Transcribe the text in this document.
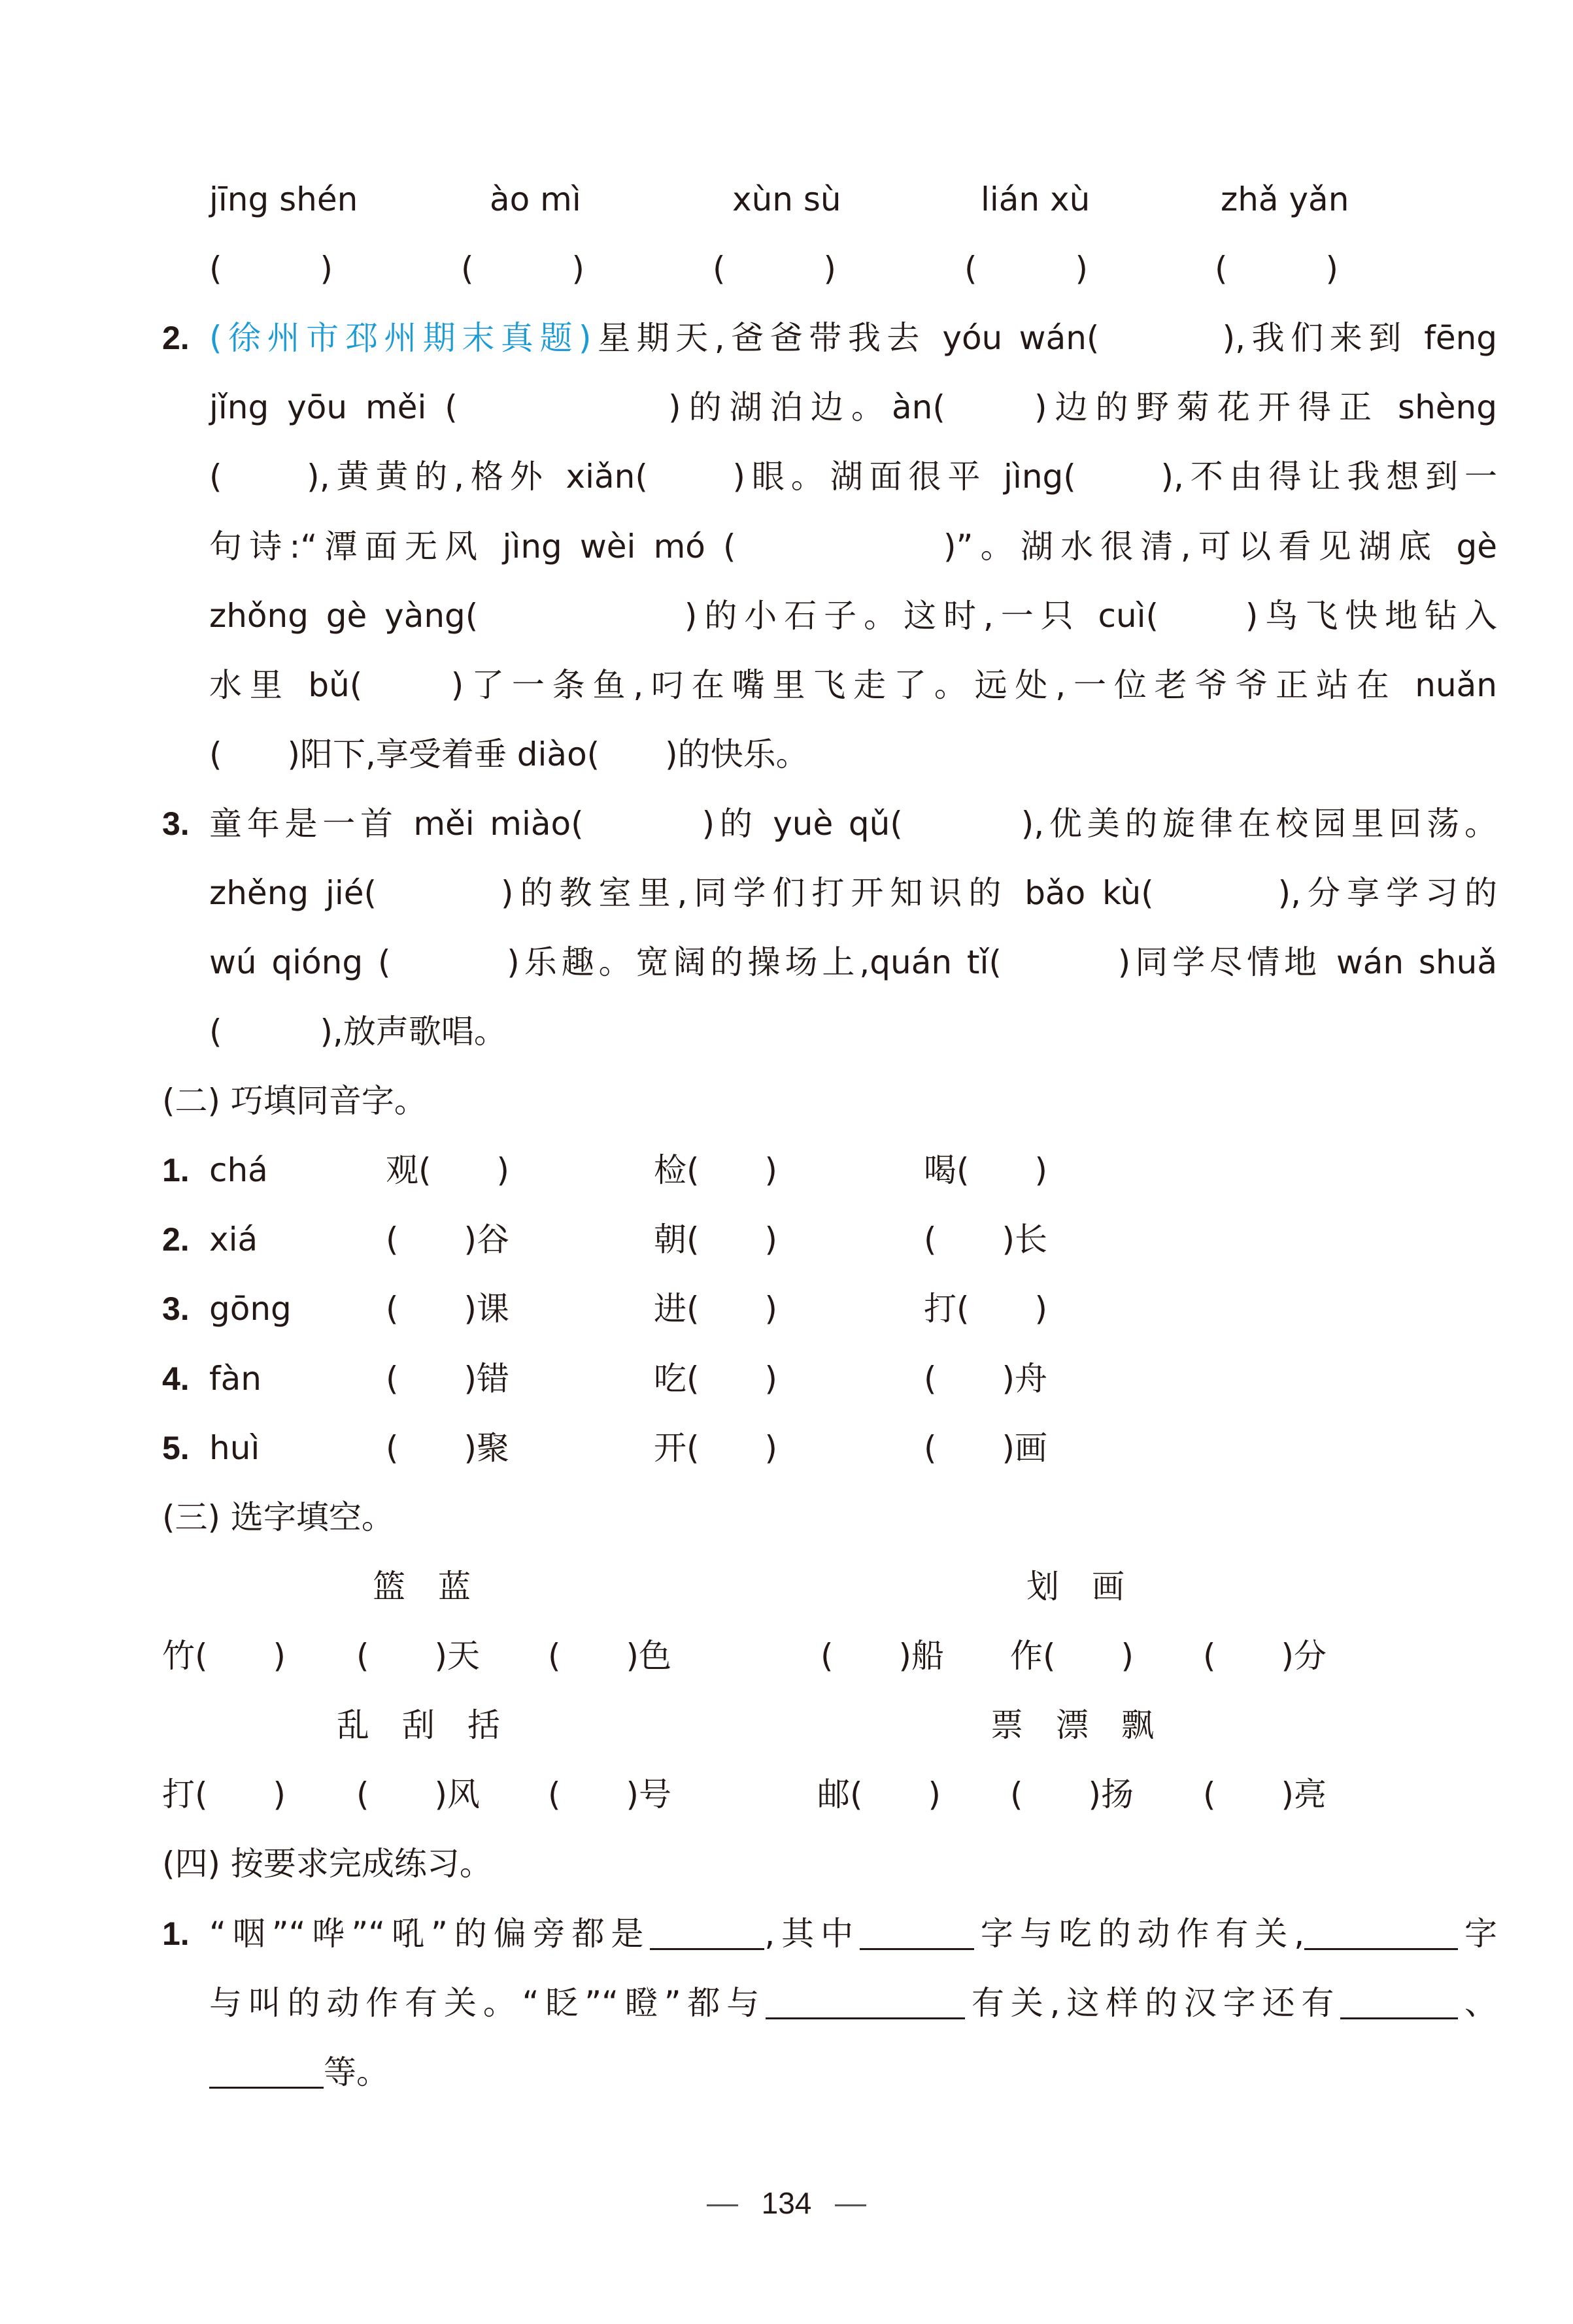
jīng shén	ào mì	xùn sù	lián xù	zhǎ yǎn
(　　　)	(　　　)	(　　　)	(　　　)	(　　　)
2. (徐州市邳州期末真题)星期天,爸爸带我去 yóu wán(　　　),我们来到 fēng
jǐng yōu měi (　　　　　)的湖泊边。àn(　　)边的野菊花开得正 shèng
(　　),黄黄的,格外 xiǎn(　　)眼。湖面很平 jìng(　　),不由得让我想到一
句诗:“潭面无风 jìng wèi mó (　　　　　)”。湖水很清,可以看见湖底 gè
zhǒng gè yàng(　　　　　)的小石子。这时,一只 cuì(　　)鸟飞快地钻入
水里 bǔ(　　)了一条鱼,叼在嘴里飞走了。远处,一位老爷爷正站在 nuǎn
(　　)阳下,享受着垂 diào(　　)的快乐。
3. 童年是一首 měi miào(　　　)的 yuè qǔ(　　　),优美的旋律在校园里回荡。
zhěng jié(　　　)的教室里,同学们打开知识的 bǎo kù(　　　),分享学习的
wú qióng (　　　)乐趣。宽阔的操场上,quán tǐ(　　　)同学尽情地 wán shuǎ
(　　　),放声歌唱。
(二) 巧填同音字。
1. chá	观(　　)	检(　　)	喝(　　)
2. xiá	(　　)谷	朝(　　)	(　　)长
3. gōng	(　　)课	进(　　)	打(　　)
4. fàn	(　　)错	吃(　　)	(　　)舟
5. huì	(　　)聚	开(　　)	(　　)画
(三) 选字填空。
篮　蓝	划　画
竹(　　) (　　)天 (　　)色	(　　)船 作(　　) (　　)分
乱　刮　括	票　漂　飘
打(　　) (　　)风 (　　)号	邮(　　) (　　)扬 (　　)亮
(四) 按要求完成练习。
1. “咽”“哗”“吼”的偏旁都是	,其中	字与吃的动作有关,	字
与叫的动作有关。“眨”“瞪”都与	有关,这样的汉字还有	、
等。
134
